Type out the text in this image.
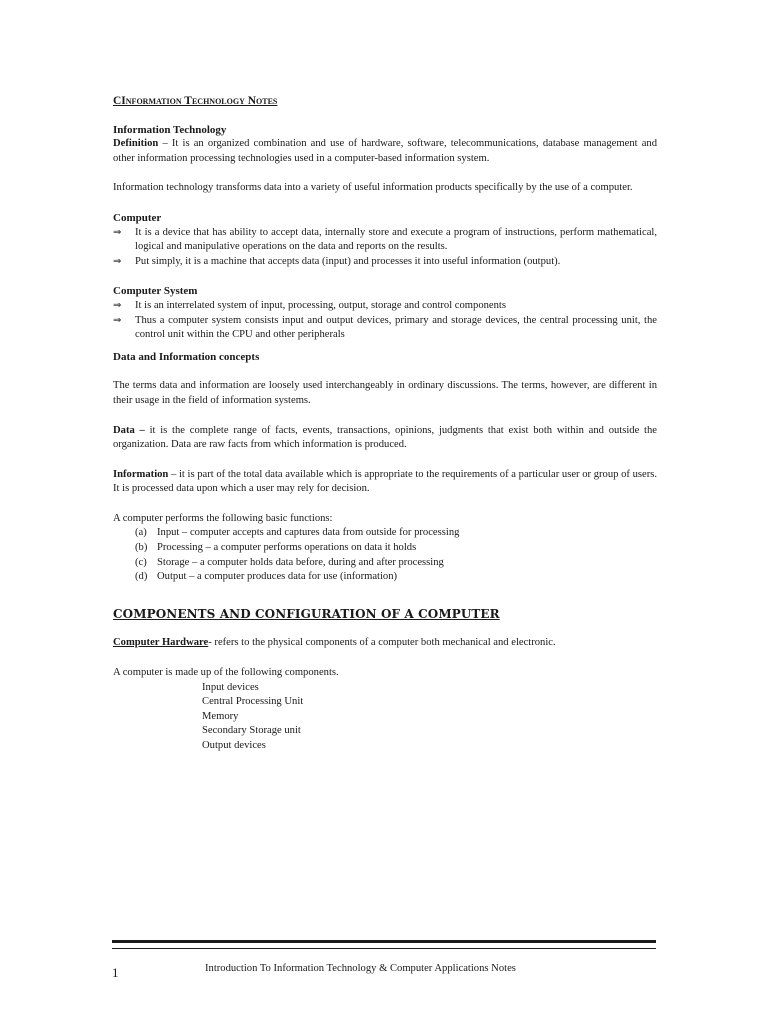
CInformation Technology Notes
Information Technology

Definition – It is an organized combination and use of hardware, software, telecommunications, database management and other information processing technologies used in a computer-based information system.

Information technology transforms data into a variety of useful information products specifically by the use of a computer.

Computer
⇒ It is a device that has ability to accept data, internally store and execute a program of instructions, perform mathematical, logical and manipulative operations on the data and reports on the results.
⇒ Put simply, it is a machine that accepts data (input) and processes it into useful information (output).
Computer System
⇒ It is an interrelated system of input, processing, output, storage and control components
⇒ Thus a computer system consists input and output devices, primary and storage devices, the central processing unit, the control unit within the CPU and other peripherals
Data and Information concepts

The terms data and information are loosely used interchangeably in ordinary discussions. The terms, however, are different in their usage in the field of information systems.

Data – it is the complete range of facts, events, transactions, opinions, judgments that exist both within and outside the organization. Data are raw facts from which information is produced.

Information – it is part of the total data available which is appropriate to the requirements of a particular user or group of users. It is processed data upon which a user may rely for decision.

A computer performs the following basic functions:

(a) Input – computer accepts and captures data from outside for processing
(b) Processing – a computer performs operations on data it holds
(c) Storage – a computer holds data before, during and after processing
(d) Output – a computer produces data for use (information)
COMPONENTS AND CONFIGURATION OF A COMPUTER

Computer Hardware- refers to the physical components of a computer both mechanical and electronic.

A computer is made up of the following components.

Input devices
Central Processing Unit
Memory
Secondary Storage unit
Output devices
1	Introduction To Information Technology & Computer Applications Notes
